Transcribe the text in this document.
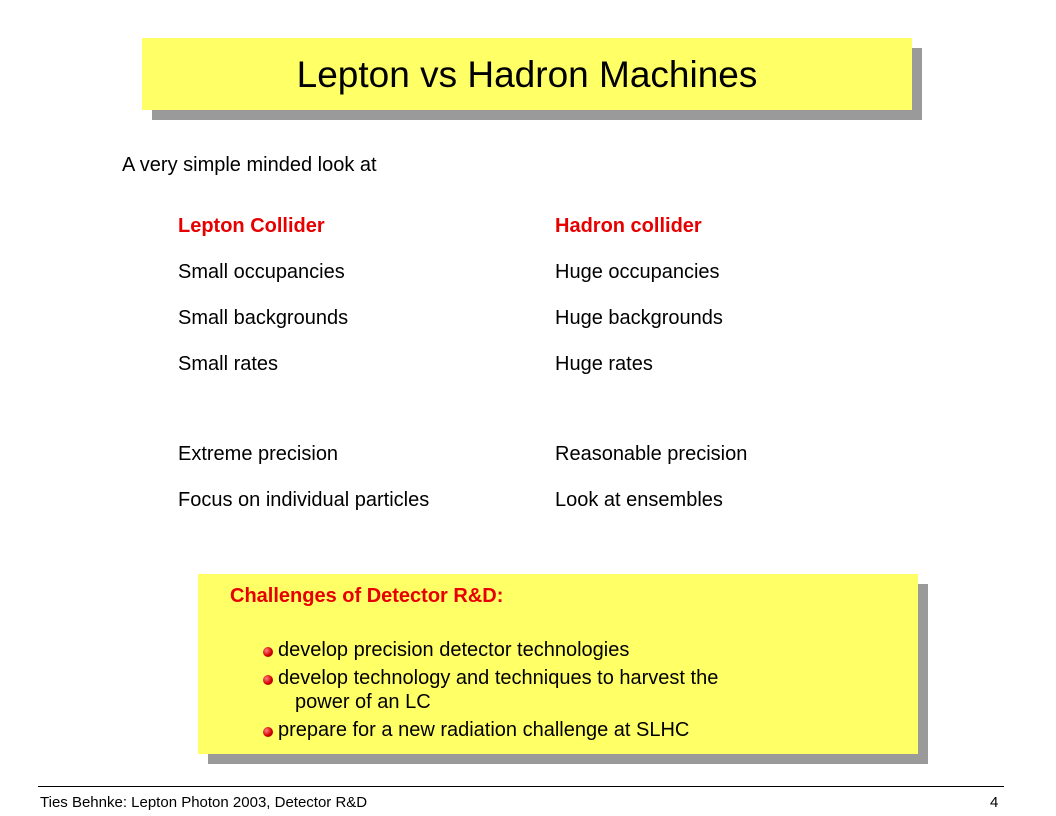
Lepton vs Hadron Machines
A very simple minded look at
Lepton Collider
Small occupancies
Small backgrounds
Small rates
Extreme precision
Focus on individual particles
Hadron collider
Huge occupancies
Huge backgrounds
Huge rates
Reasonable precision
Look at ensembles
Challenges of Detector R&D:
develop precision detector technologies
develop technology and techniques to harvest the
power of an LC
prepare for a new radiation challenge at SLHC
Ties Behnke: Lepton Photon 2003, Detector R&D	4
